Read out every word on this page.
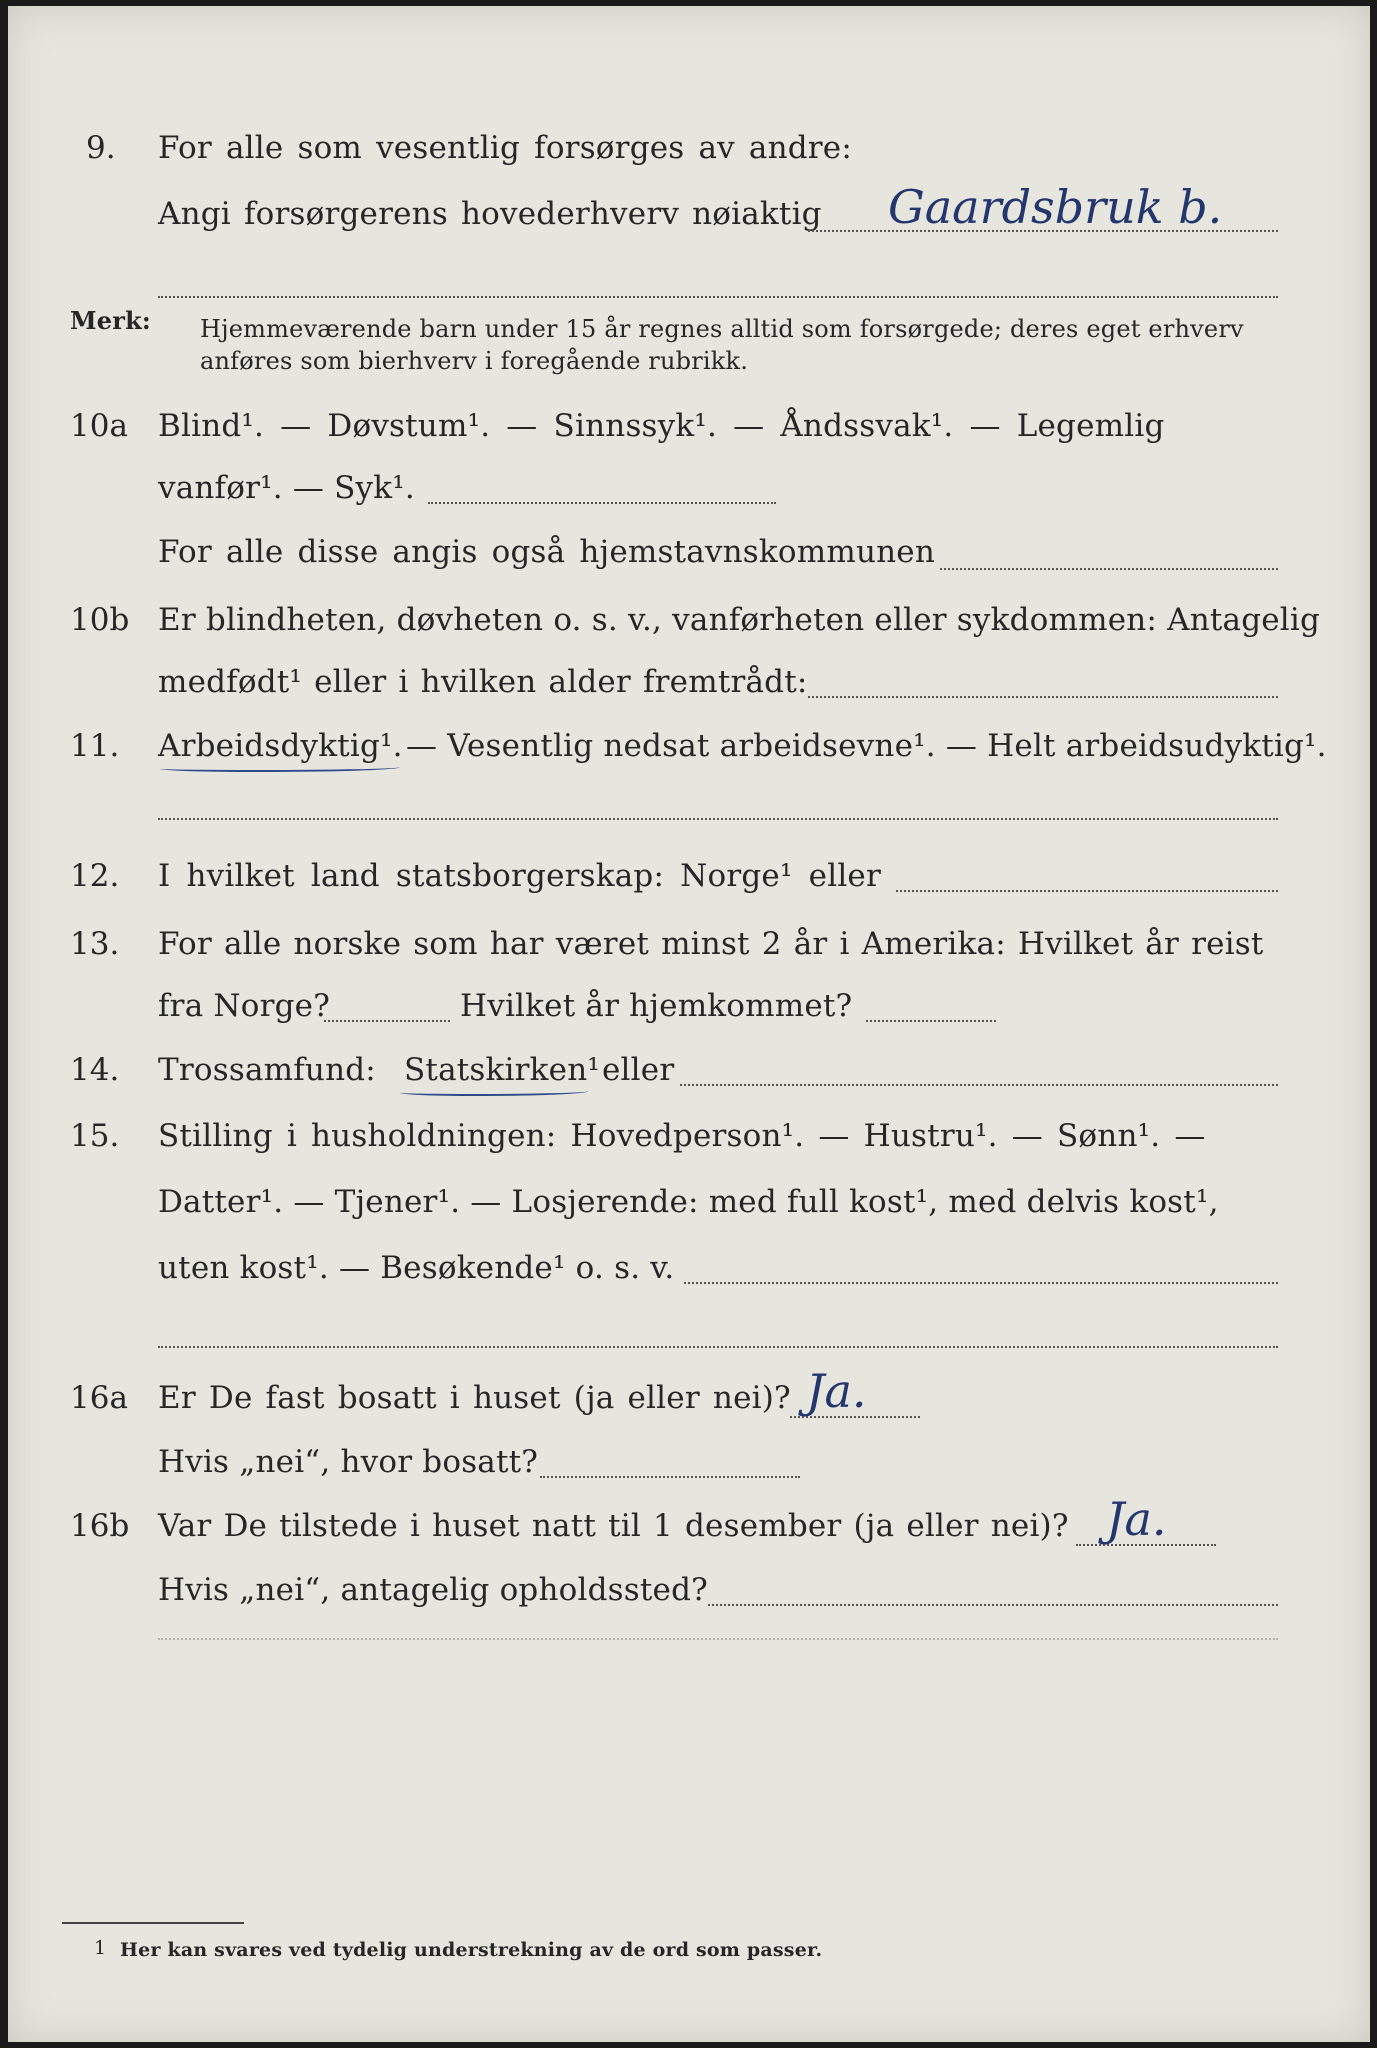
9. For alle som vesentlig forsørges av andre:
Angi forsørgerens hovederhverv nøiaktig Gaardsbruk b.
Merk: Hjemmeværende barn under 15 år regnes alltid som forsørgede; deres eget erhverv
anføres som bierhverv i foregående rubrikk.
10a Blind¹. — Døvstum¹. — Sinnssyk¹. — Åndssvak¹. — Legemlig
vanfør¹. — Syk¹.
For alle disse angis også hjemstavnskommunen
10b Er blindheten, døvheten o. s. v., vanførheten eller sykdommen: Antagelig
medfødt¹ eller i hvilken alder fremtrådt:
11. Arbeidsdyktig¹. — Vesentlig nedsat arbeidsevne¹. — Helt arbeidsudyktig¹.
12. I hvilket land statsborgerskap: Norge¹ eller
13. For alle norske som har været minst 2 år i Amerika: Hvilket år reist
fra Norge?	Hvilket år hjemkommet?
14. Trossamfund: Statskirken¹ eller
15. Stilling i husholdningen: Hovedperson¹. — Hustru¹. — Sønn¹. —
Datter¹. — Tjener¹. — Losjerende: med full kost¹, med delvis kost¹,
uten kost¹. — Besøkende¹ o. s. v.
16a Er De fast bosatt i huset (ja eller nei)? Ja.
Hvis „nei“, hvor bosatt?
16b Var De tilstede i huset natt til 1 desember (ja eller nei)? Ja.
Hvis „nei“, antagelig opholdssted?
1 Her kan svares ved tydelig understrekning av de ord som passer.
